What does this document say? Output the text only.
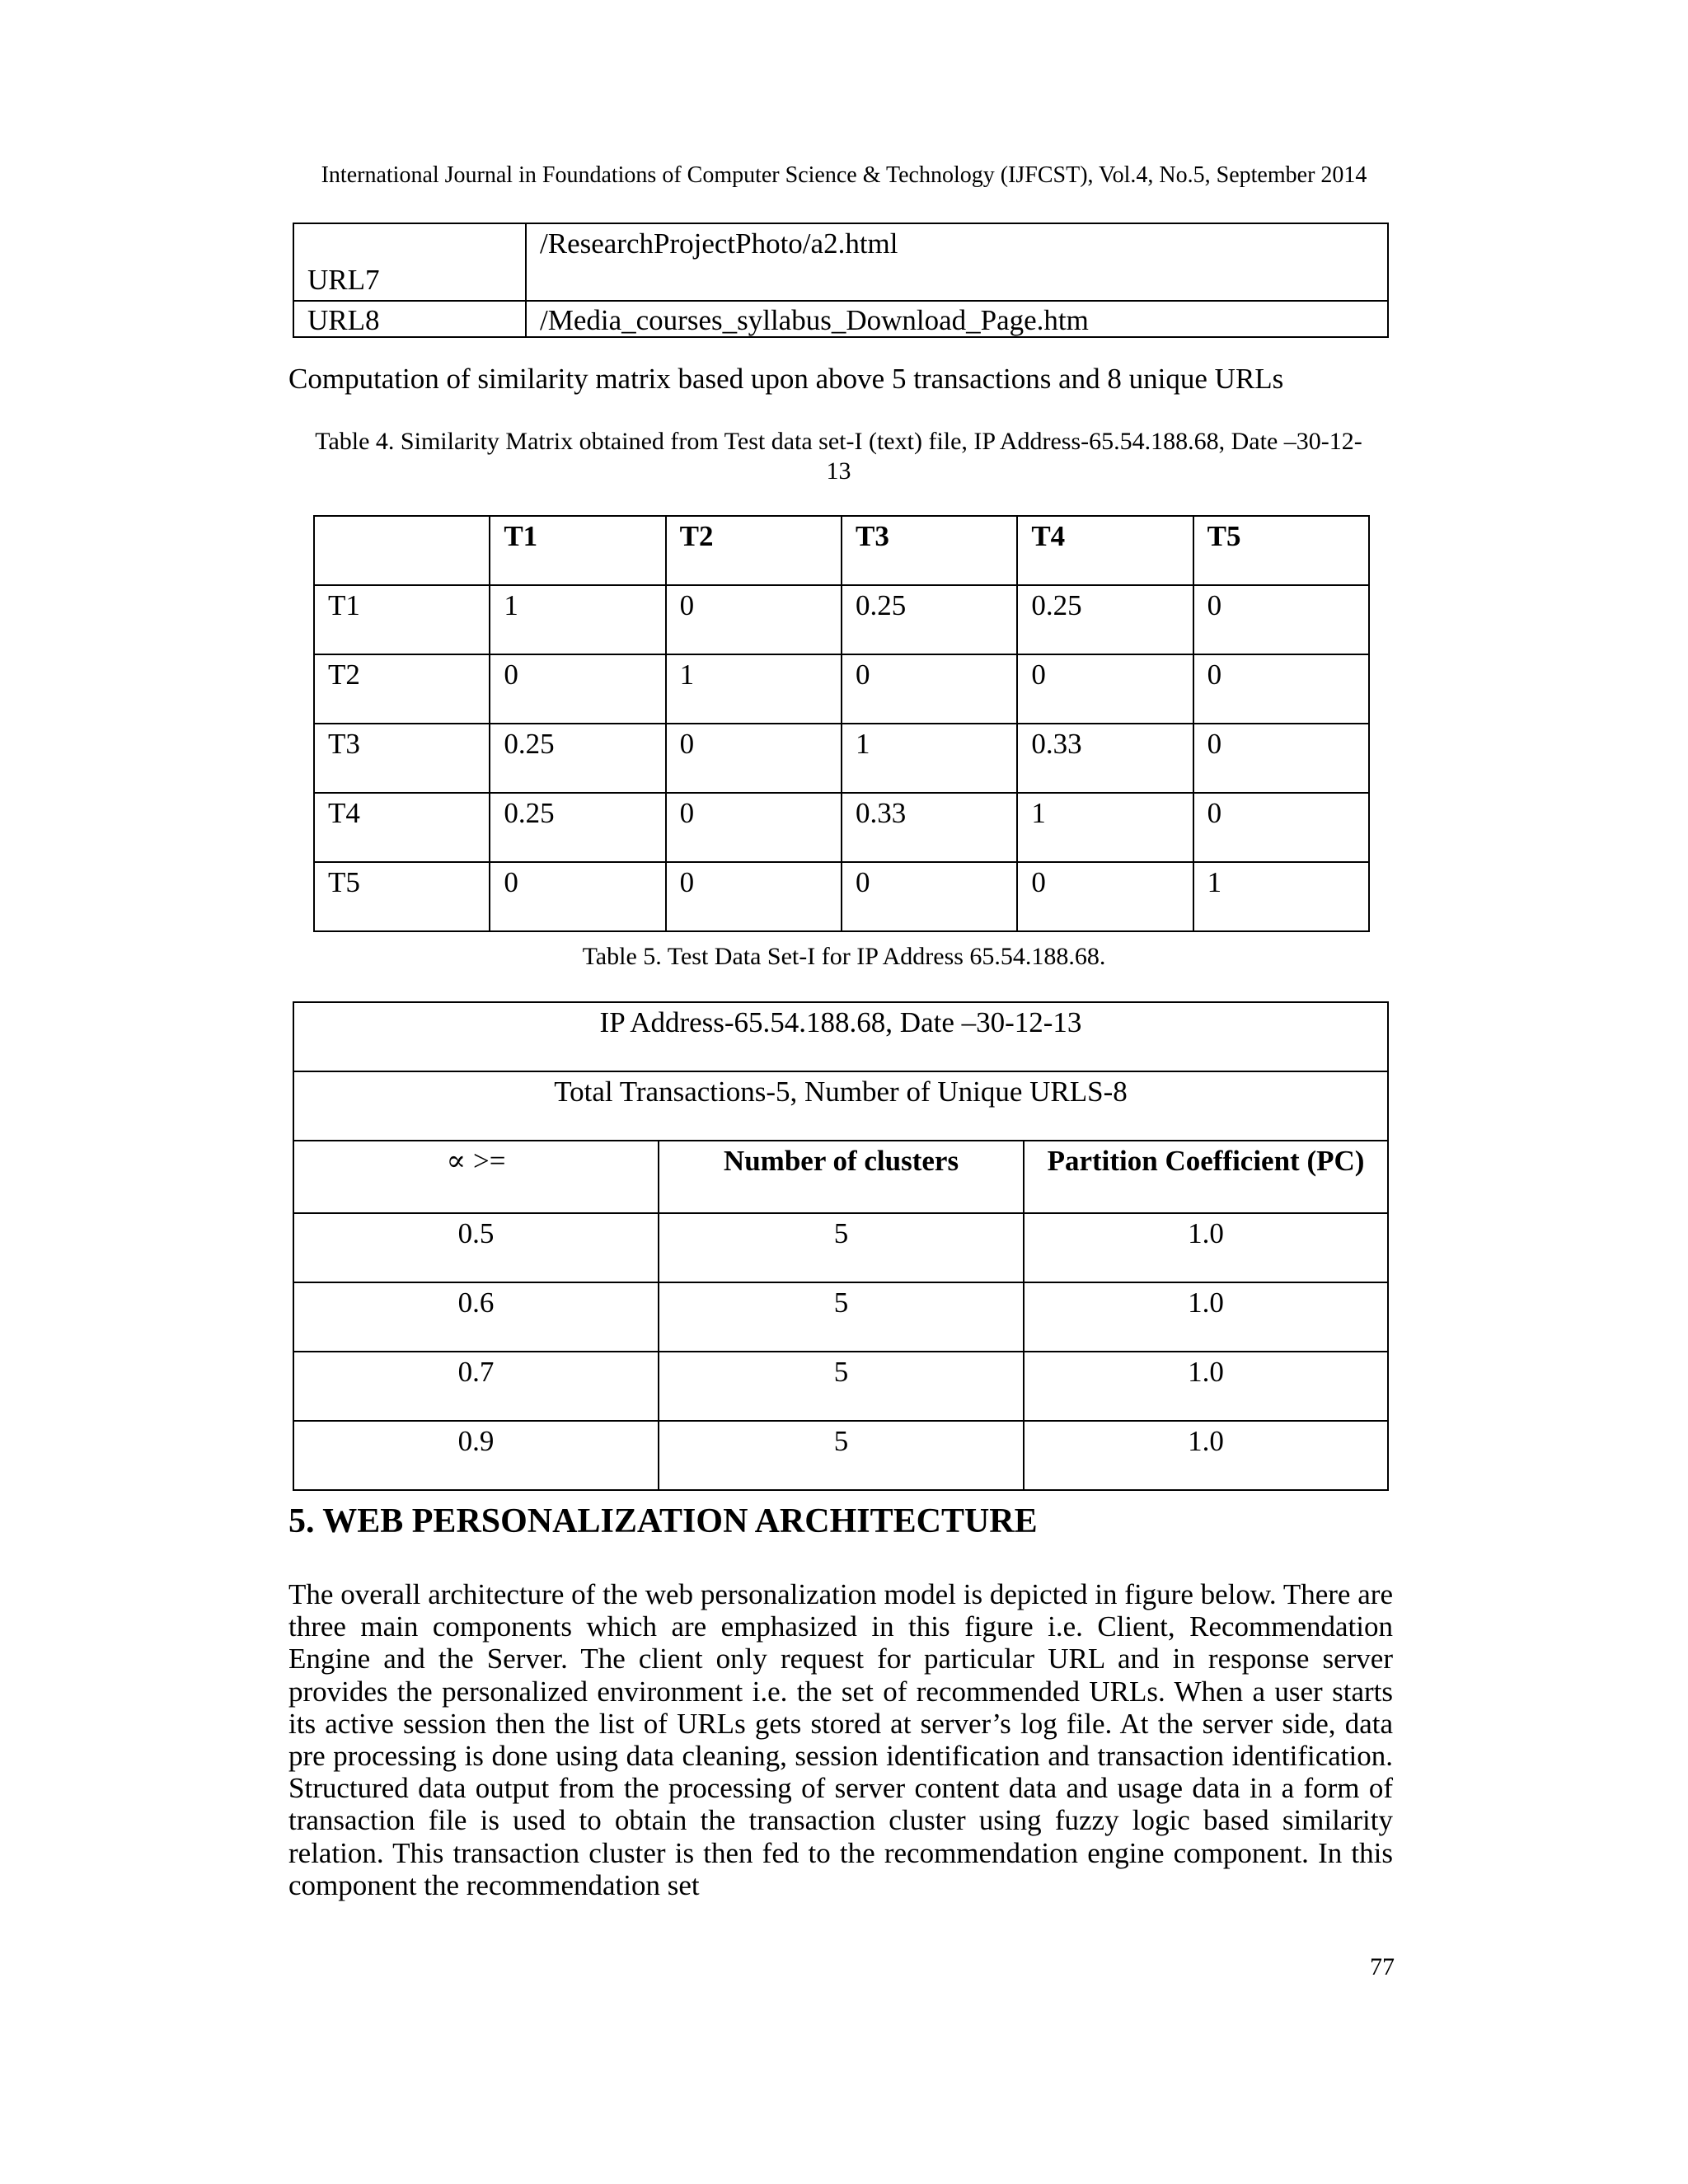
International Journal in Foundations of Computer Science & Technology (IJFCST), Vol.4, No.5, September 2014
URL7	/ResearchProjectPhoto/a2.html
URL8	/Media_courses_syllabus_Download_Page.htm
Computation of similarity matrix based upon above 5 transactions and 8 unique URLs
Table 4. Similarity Matrix obtained from Test data set-I (text) file, IP Address-65.54.188.68, Date –30-12-
13
	T1	T2	T3	T4	T5
T1	1	0	0.25	0.25	0
T2	0	1	0	0	0
T3	0.25	0	1	0.33	0
T4	0.25	0	0.33	1	0
T5	0	0	0	0	1
Table 5. Test Data Set-I for IP Address 65.54.188.68.
IP Address-65.54.188.68, Date –30-12-13		
Total Transactions-5, Number of Unique URLS-8		
∝ >=	Number of clusters	Partition Coefficient (PC)
0.5	5	1.0
0.6	5	1.0
0.7	5	1.0
0.9	5	1.0
5. WEB PERSONALIZATION ARCHITECTURE
The overall architecture of the web personalization model is depicted in figure below. There are three main components which are emphasized in this figure i.e. Client, Recommendation Engine and the Server. The client only request for particular URL and in response server provides the personalized environment i.e. the set of recommended URLs. When a user starts its active session then the list of URLs gets stored at server’s log file. At the server side, data pre processing is done using data cleaning, session identification and transaction identification. Structured data output from the processing of server content data and usage data in a form of transaction file is used to obtain the transaction cluster using fuzzy logic based similarity relation. This transaction cluster is then fed to the recommendation engine component. In this component the recommendation set
77
